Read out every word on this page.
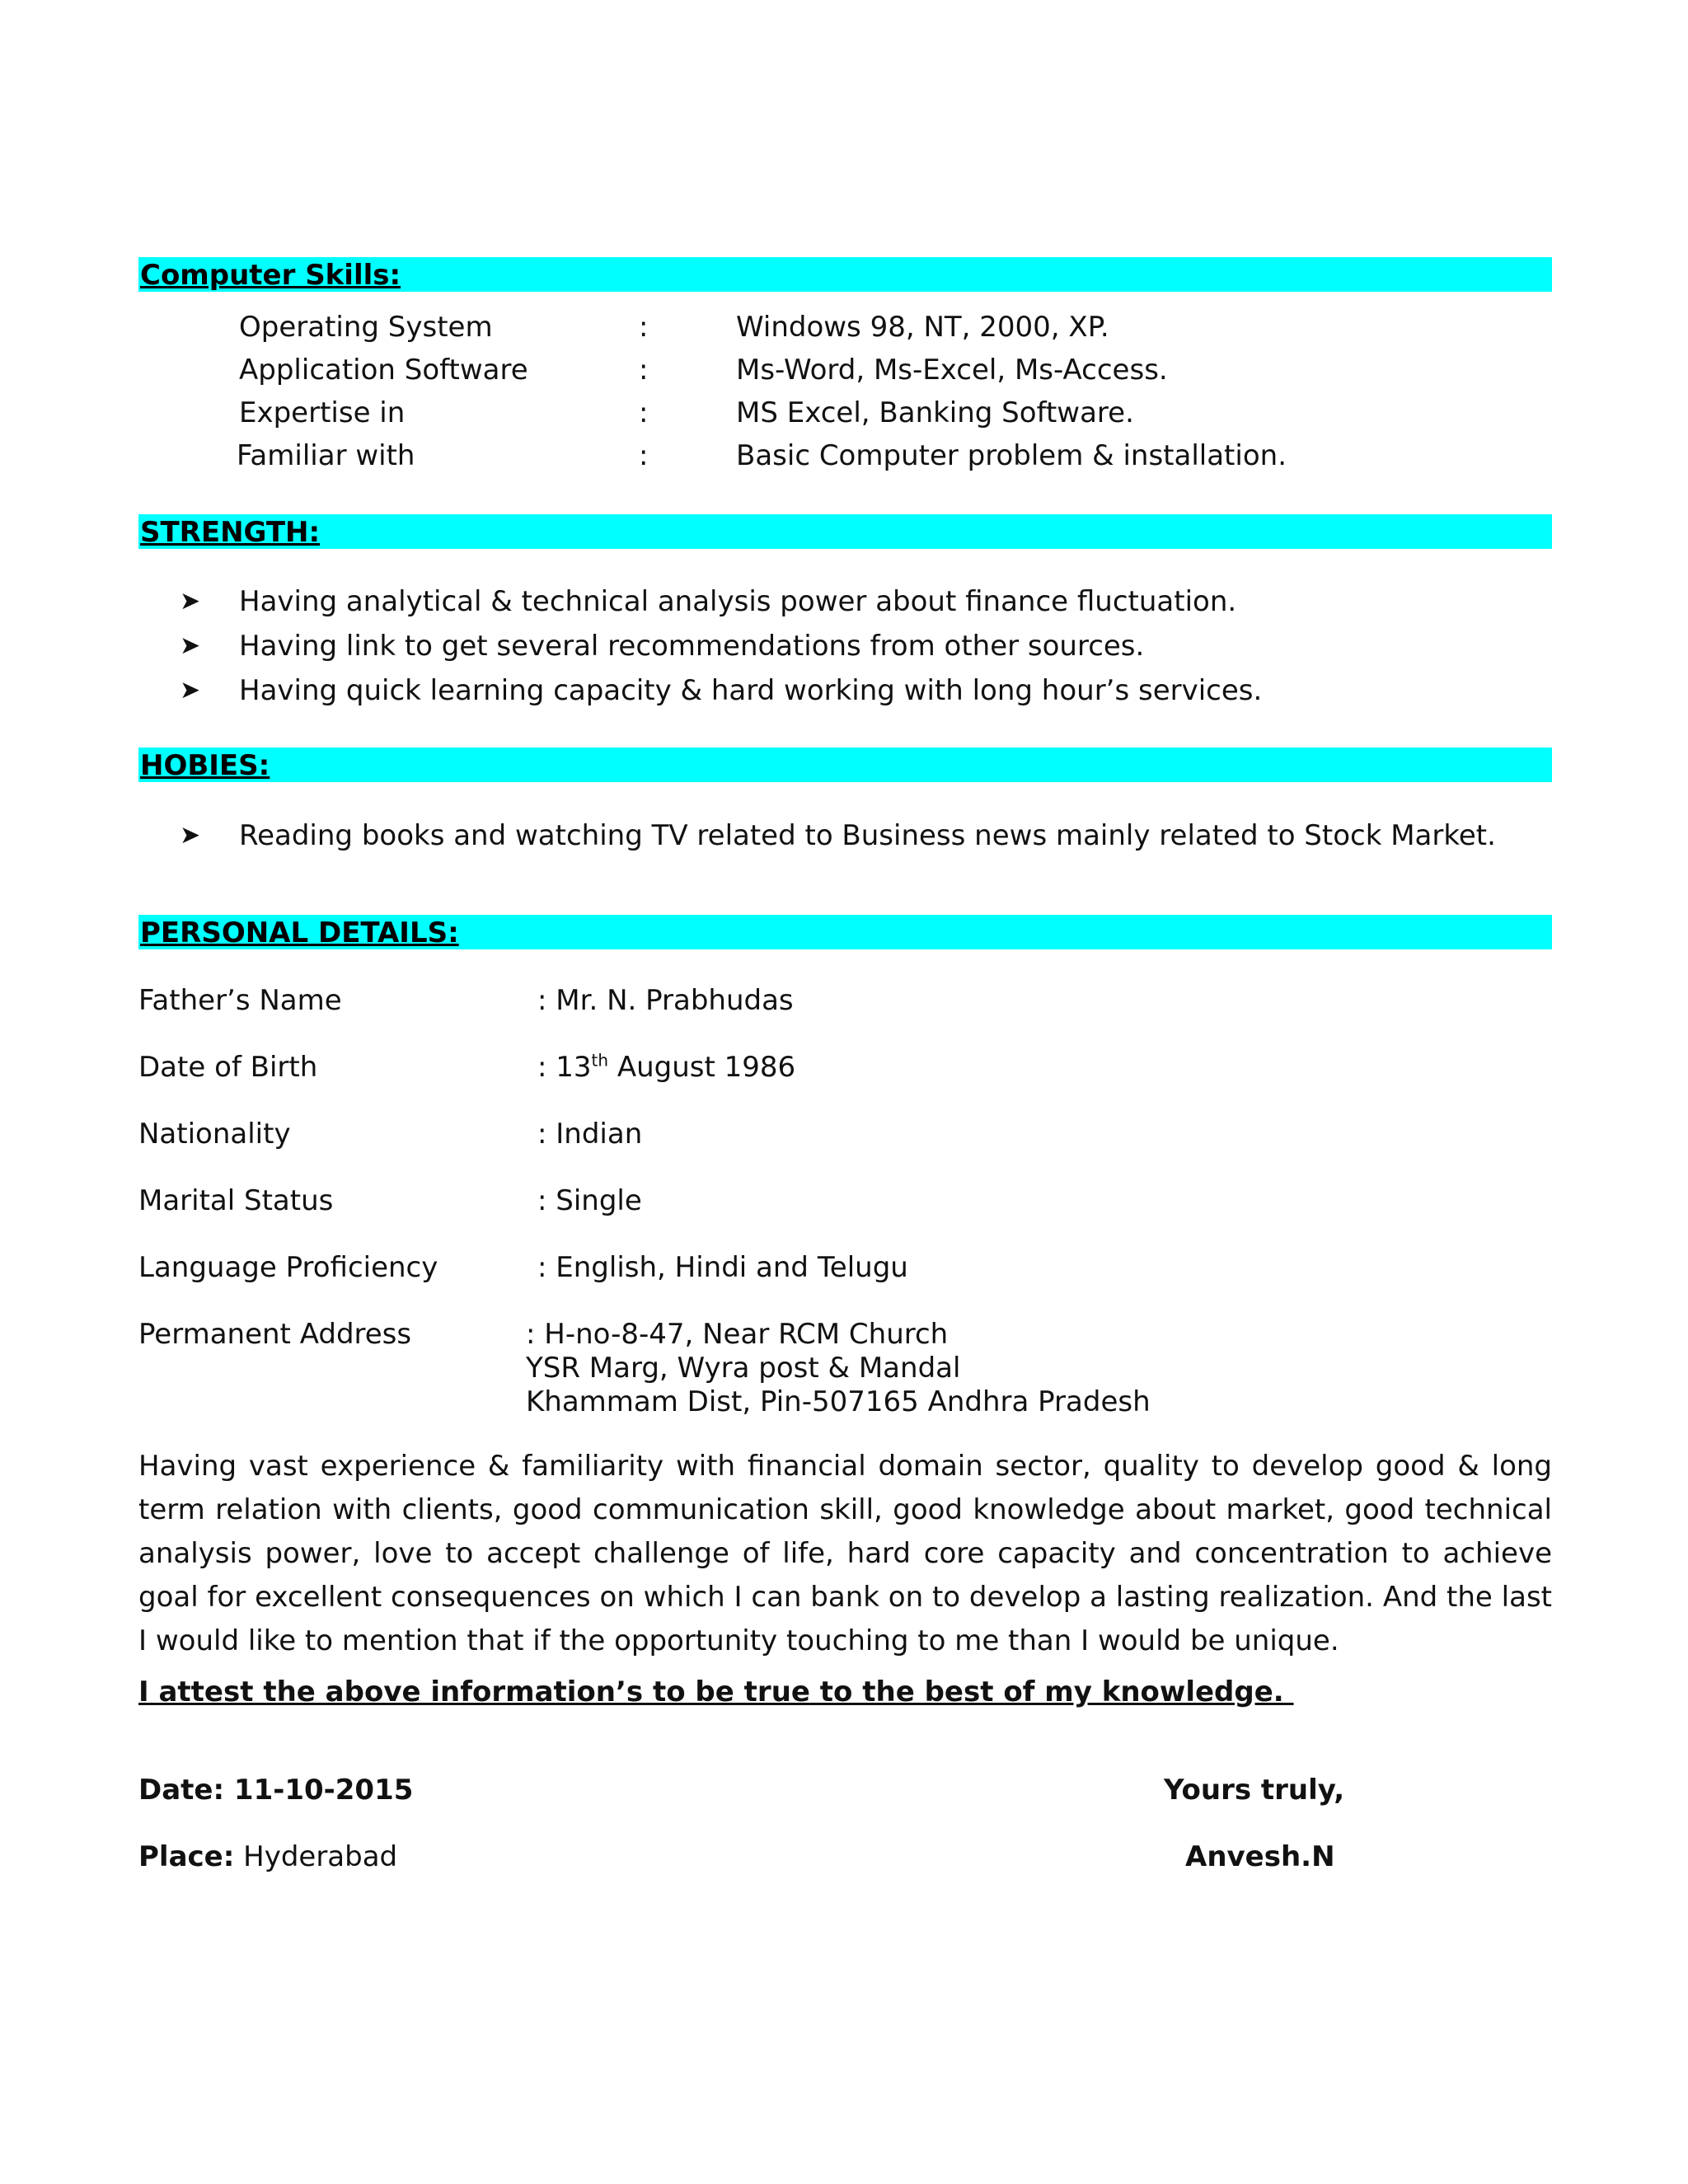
Computer Skills:
Operating System	:	Windows 98, NT, 2000, XP.
Application Software	:	Ms-Word, Ms-Excel, Ms-Access.
Expertise in	:	MS Excel, Banking Software.
Familiar with	:	Basic Computer problem & installation.
STRENGTH:
➤ Having analytical & technical analysis power about finance fluctuation.
➤ Having link to get several recommendations from other sources.
➤ Having quick learning capacity & hard working with long hour’s services.
HOBIES:
➤ Reading books and watching TV related to Business news mainly related to Stock Market.
PERSONAL DETAILS:
Father’s Name	: Mr. N. Prabhudas
Date of Birth	: 13th August 1986
Nationality	: Indian
Marital Status	: Single
Language Proficiency	: English, Hindi and Telugu
Permanent Address	: H-no-8-47, Near RCM Church
YSR Marg, Wyra post & Mandal
Khammam Dist, Pin-507165 Andhra Pradesh
Having vast experience & familiarity with financial domain sector, quality to develop good & long term relation with clients, good communication skill, good knowledge about market, good technical analysis power, love to accept challenge of life, hard core capacity and concentration to achieve goal for excellent consequences on which I can bank on to develop a lasting realization. And the last I would like to mention that if the opportunity touching to me than I would be unique.
I attest the above information’s to be true to the best of my knowledge.
Date: 11-10-2015
Place: Hyderabad
Yours truly,
Anvesh.N
